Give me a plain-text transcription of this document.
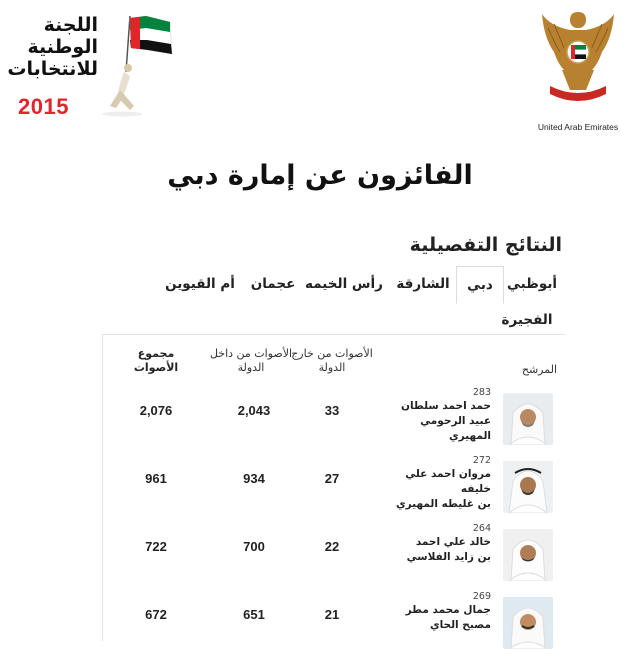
اللجنة
الوطنية
للانتخابات
2015
United Arab Emirates
الفائزون عن إمارة دبي
النتائج التفصيلية
أبوظبي
دبي
الشارقة
رأس الخيمه
عجمان
أم القيوين
الفجيرة
المرشح
الأصوات من خارج
الدولة
الأصوات من داخل
الدولة
مجموع
الأصوات
283
حمد احمد سلطان
عبيد الرحومي
المهيري
33
2,043
2,076
272
مروان احمد علي
خليفه
بن غليطه المهيري
27
934
961
264
خالد علي احمد
بن زايد الفلاسي
22
700
722
269
جمال محمد مطر
مصبح الحاي
21
651
672
